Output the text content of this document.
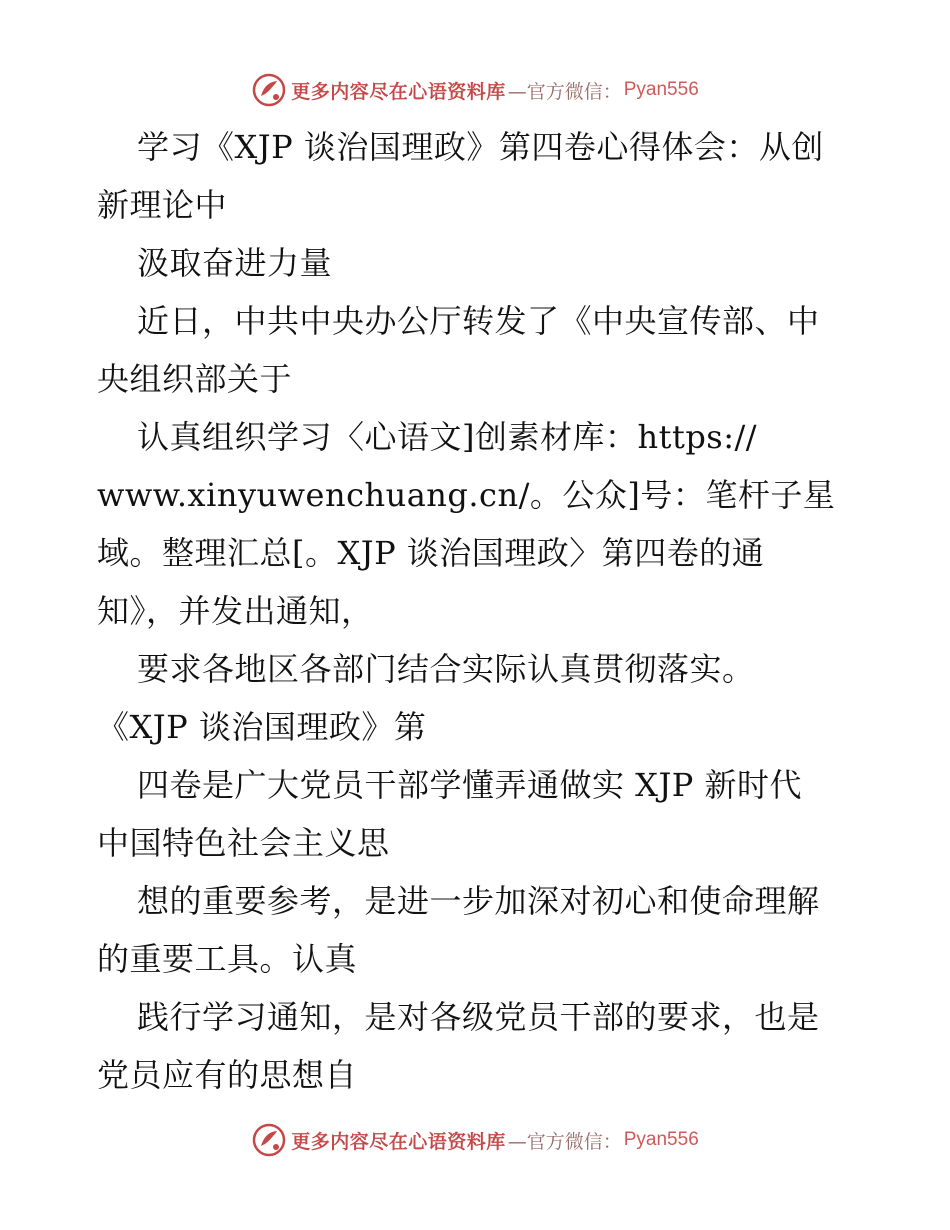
更多内容尽在心语资料库 —官方微信： Pyan556
学习《XJP 谈治国理政》第四卷心得体会：从创
新理论中
汲取奋进力量
近日，中共中央办公厅转发了《中央宣传部、中
央组织部关于
认真组织学习〈心语文]创素材库：https://
www.xinyuwenchuang.cn/。公众]号：笔杆子星
域。整理汇总[。XJP 谈治国理政〉第四卷的通
知》，并发出通知，
要求各地区各部门结合实际认真贯彻落实。
《XJP 谈治国理政》第
四卷是广大党员干部学懂弄通做实 XJP 新时代
中国特色社会主义思
想的重要参考，是进一步加深对初心和使命理解
的重要工具。认真
践行学习通知，是对各级党员干部的要求，也是
党员应有的思想自
更多内容尽在心语资料库 —官方微信： Pyan556
